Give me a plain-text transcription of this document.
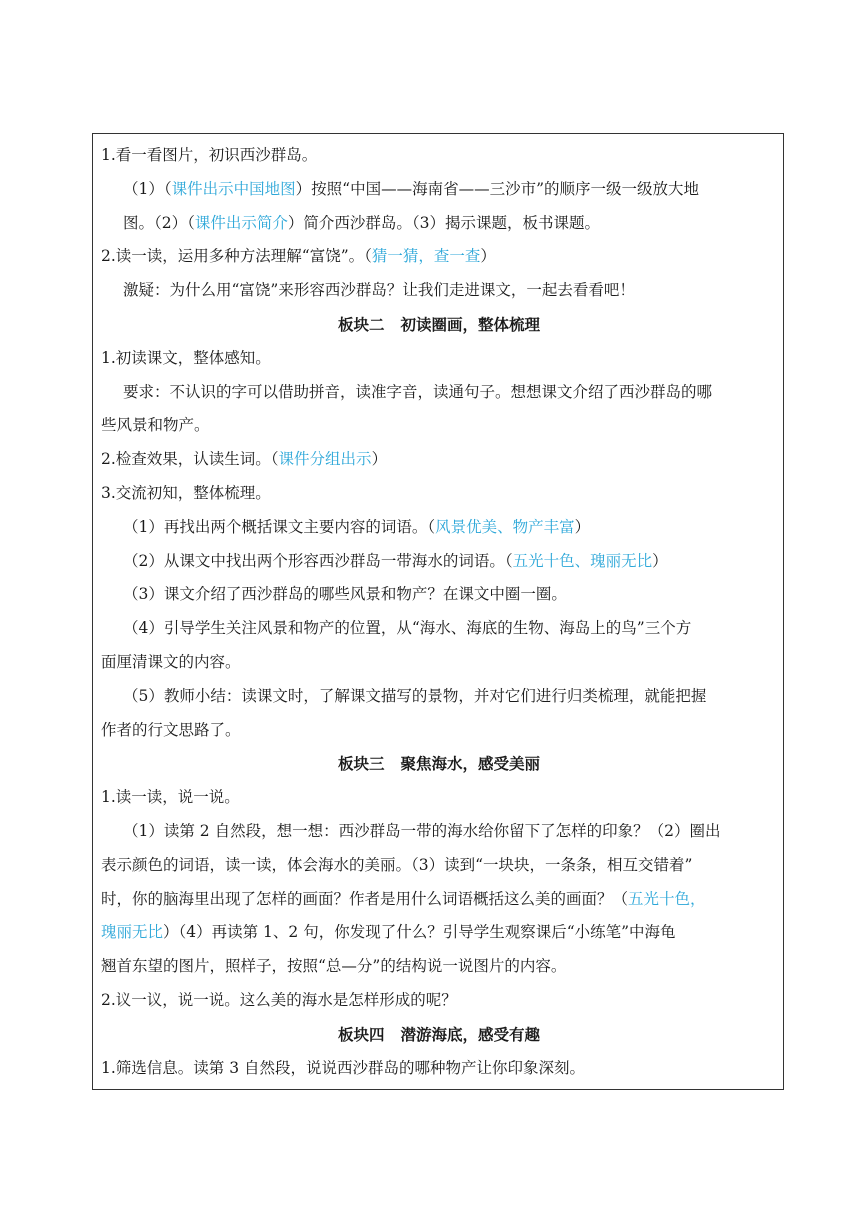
1.看一看图片，初识西沙群岛。
（1）（课件出示中国地图）按照“中国——海南省——三沙市”的顺序一级一级放大地
图。（2）（课件出示简介）简介西沙群岛。（3）揭示课题，板书课题。
2.读一读，运用多种方法理解“富饶”。（猜一猜，查一查）
激疑：为什么用“富饶”来形容西沙群岛？让我们走进课文，一起去看看吧！
板块二 初读圈画，整体梳理
1.初读课文，整体感知。
要求：不认识的字可以借助拼音，读准字音，读通句子。想想课文介绍了西沙群岛的哪
些风景和物产。
2.检查效果，认读生词。（课件分组出示）
3.交流初知，整体梳理。
（1）再找出两个概括课文主要内容的词语。（风景优美、物产丰富）
（2）从课文中找出两个形容西沙群岛一带海水的词语。（五光十色、瑰丽无比）
（3）课文介绍了西沙群岛的哪些风景和物产？在课文中圈一圈。
（4）引导学生关注风景和物产的位置，从“海水、海底的生物、海岛上的鸟”三个方
面厘清课文的内容。
（5）教师小结：读课文时，了解课文描写的景物，并对它们进行归类梳理，就能把握
作者的行文思路了。
板块三 聚焦海水，感受美丽
1.读一读，说一说。
（1）读第 2 自然段，想一想：西沙群岛一带的海水给你留下了怎样的印象？（2）圈出
表示颜色的词语，读一读，体会海水的美丽。（3）读到“一块块，一条条，相互交错着”
时，你的脑海里出现了怎样的画面？作者是用什么词语概括这么美的画面？（五光十色，
瑰丽无比）（4）再读第 1、2 句，你发现了什么？引导学生观察课后“小练笔”中海龟
翘首东望的图片，照样子，按照“总—分”的结构说一说图片的内容。
2.议一议，说一说。这么美的海水是怎样形成的呢？
板块四 潜游海底，感受有趣
1.筛选信息。读第 3 自然段，说说西沙群岛的哪种物产让你印象深刻。
